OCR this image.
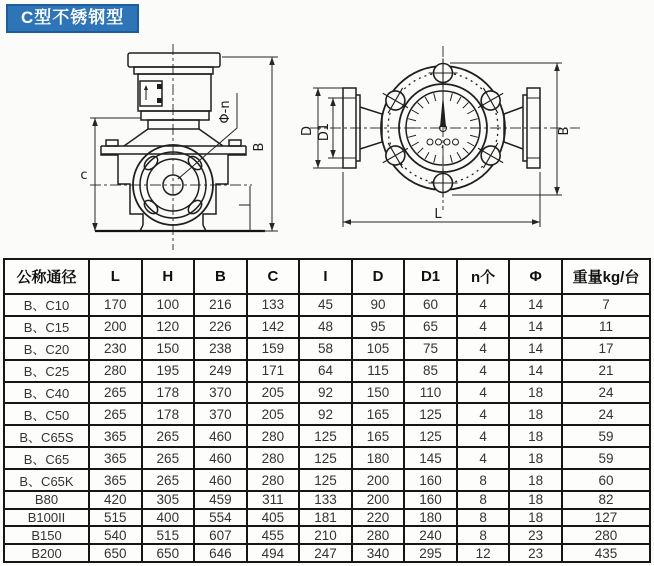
C型不锈钢型
c
B
Φ-n
D D1	B
L
公称通径	L	H	B	C	I	D	D1	n个	Φ	重量kg/台
B、C10	170	100	216	133	45	90	60	4	14	7
B、C15	200	120	226	142	48	95	65	4	14	11
B、C20	230	150	238	159	58	105	75	4	14	17
B、C25	280	195	249	171	64	115	85	4	14	21
B、C40	265	178	370	205	92	150	110	4	18	24
B、C50	265	178	370	205	92	165	125	4	18	24
B、C65S	365	265	460	280	125	165	125	4	18	59
B、C65	365	265	460	280	125	180	145	4	18	59
B、C65K	365	265	460	280	125	200	160	8	18	60
B80	420	305	459	311	133	200	160	8	18	82
B100II	515	400	554	405	181	220	180	8	18	127
B150	540	515	607	455	210	280	240	8	23	280
B200	650	650	646	494	247	340	295	12	23	435
